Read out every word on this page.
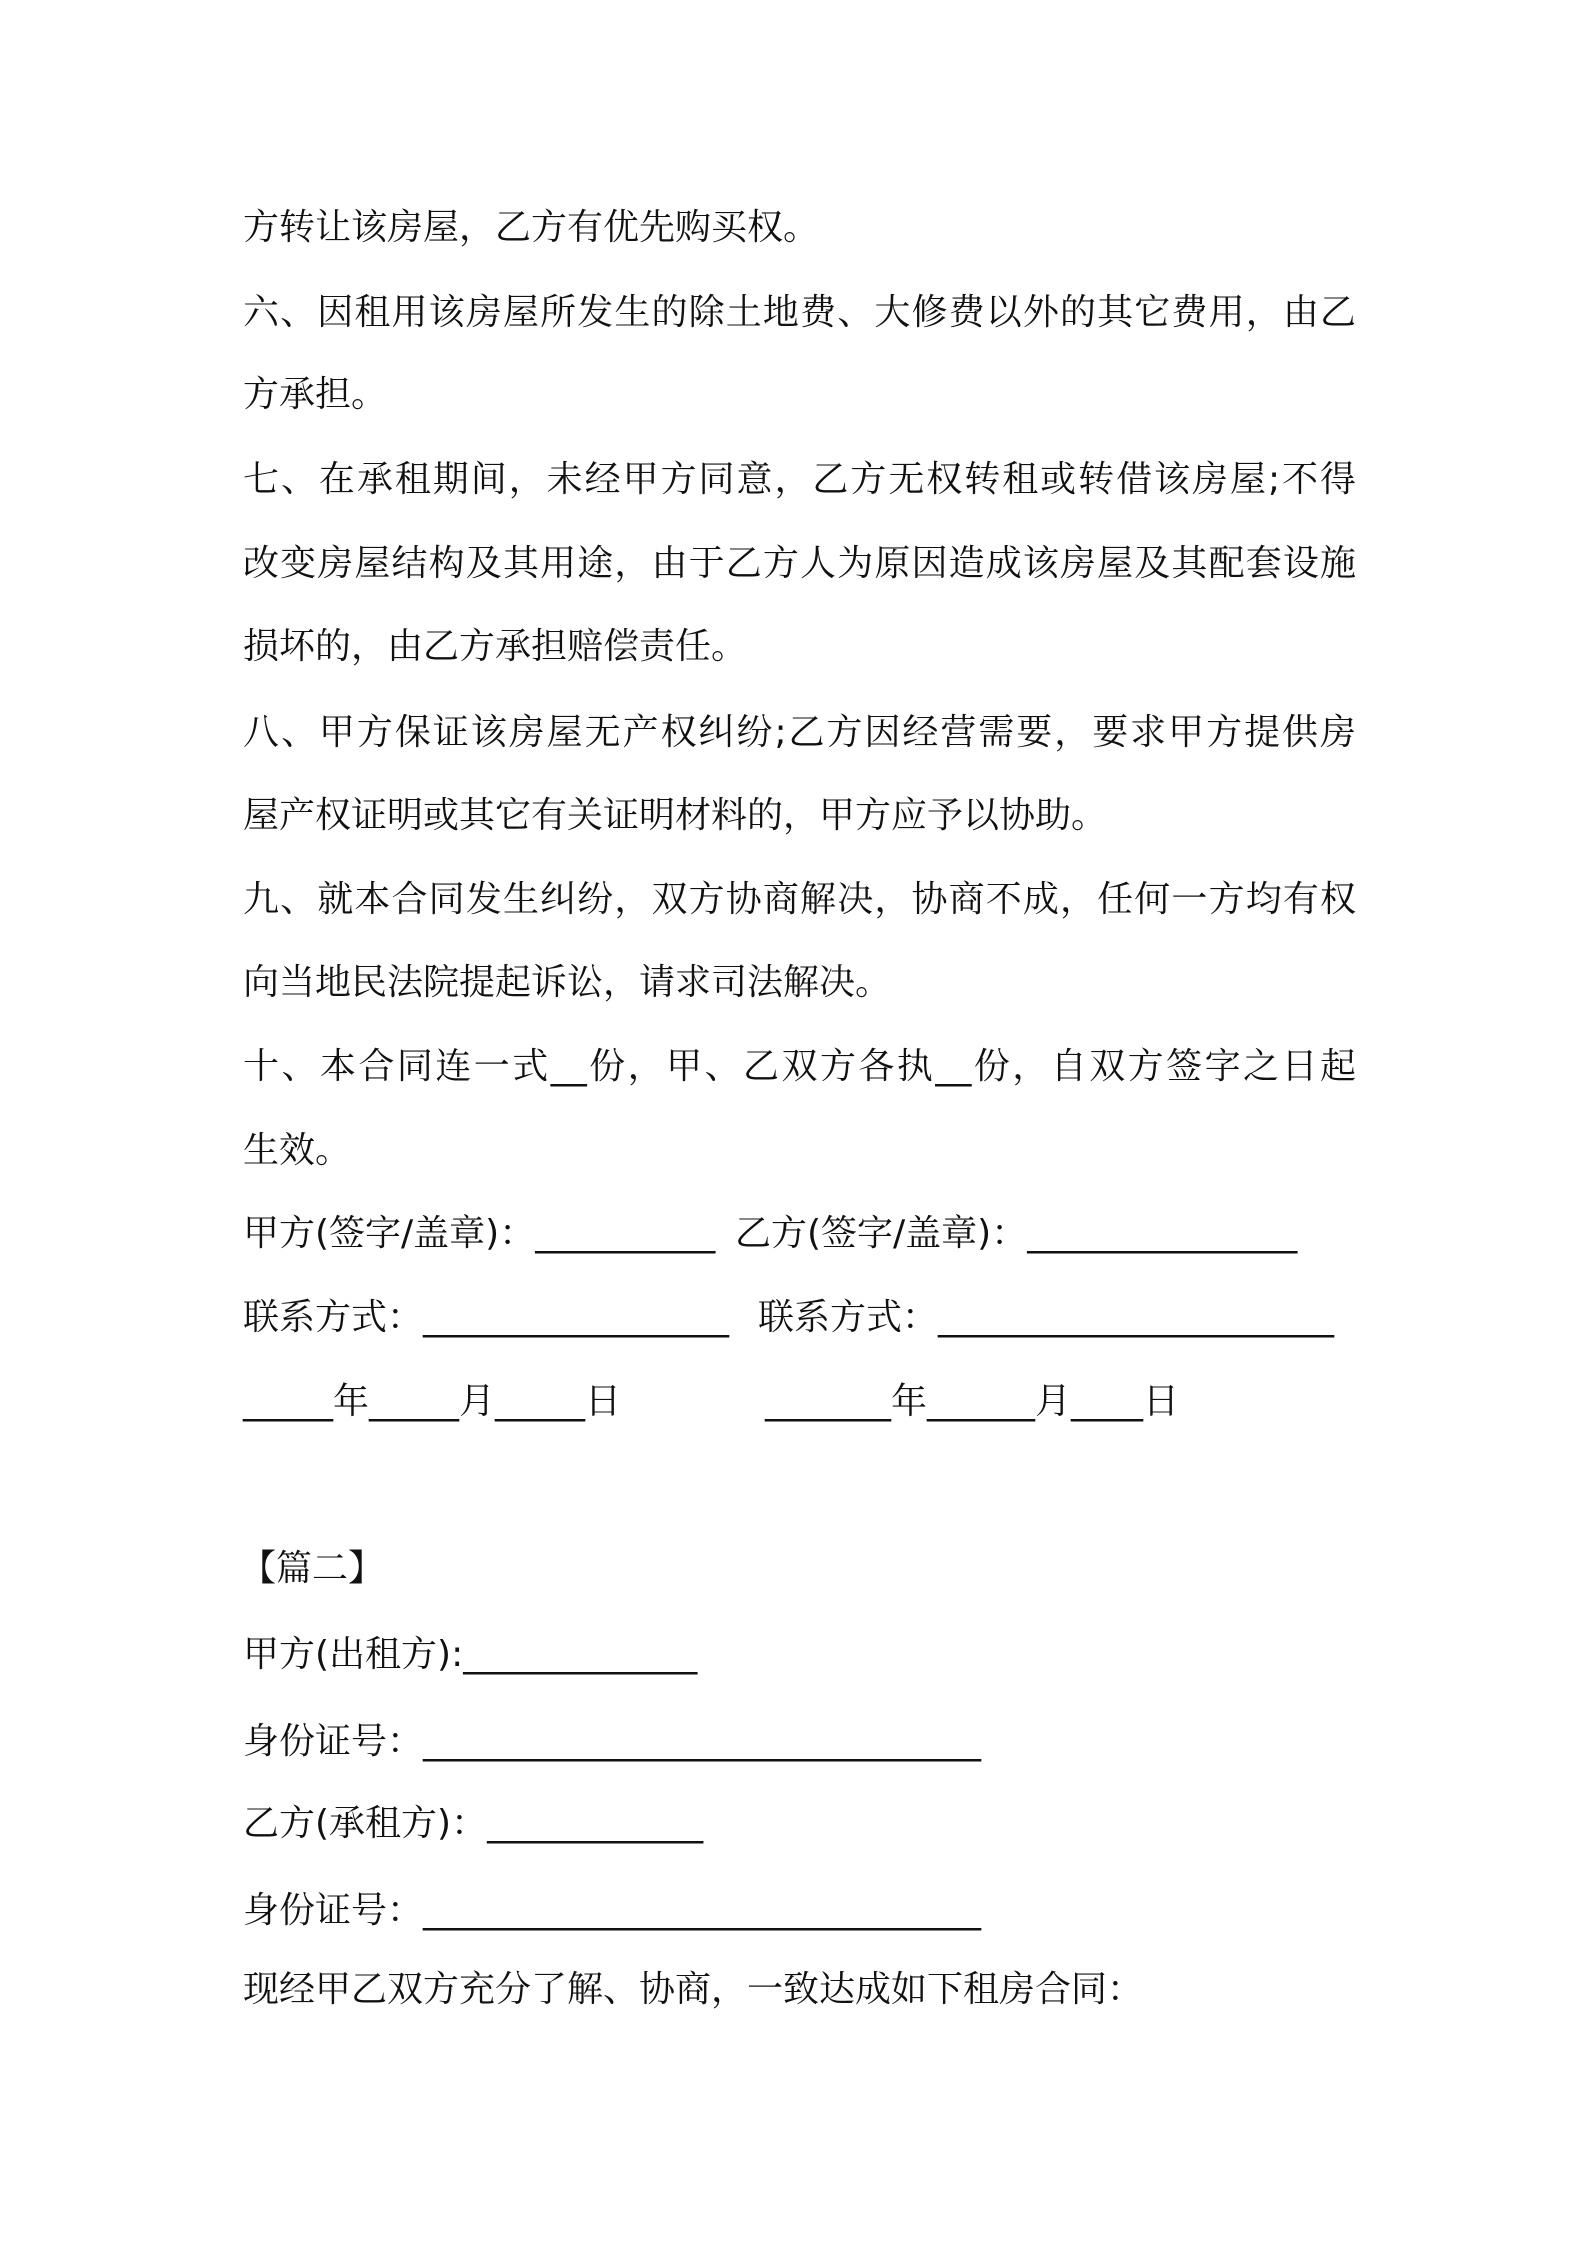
方转让该房屋，乙方有优先购买权。
六、因租用该房屋所发生的除土地费、大修费以外的其它费用，由乙
方承担。
七、在承租期间，未经甲方同意，乙方无权转租或转借该房屋;不得
改变房屋结构及其用途，由于乙方人为原因造成该房屋及其配套设施
损坏的，由乙方承担赔偿责任。
八、甲方保证该房屋无产权纠纷;乙方因经营需要，要求甲方提供房
屋产权证明或其它有关证明材料的，甲方应予以协助。
九、就本合同发生纠纷，双方协商解决，协商不成，任何一方均有权
向当地民法院提起诉讼，请求司法解决。
十、本合同连一式__份，甲、乙双方各执__份，自双方签字之日起
生效。
甲方(签字/盖章)：__________ 乙方(签字/盖章)：_______________
联系方式：_________________ 联系方式：______________________
_____年_____月_____日	_______年______月____日
【篇二】
甲方(出租方):_____________
身份证号：_______________________________
乙方(承租方)：____________
身份证号：_______________________________
现经甲乙双方充分了解、协商，一致达成如下租房合同：
